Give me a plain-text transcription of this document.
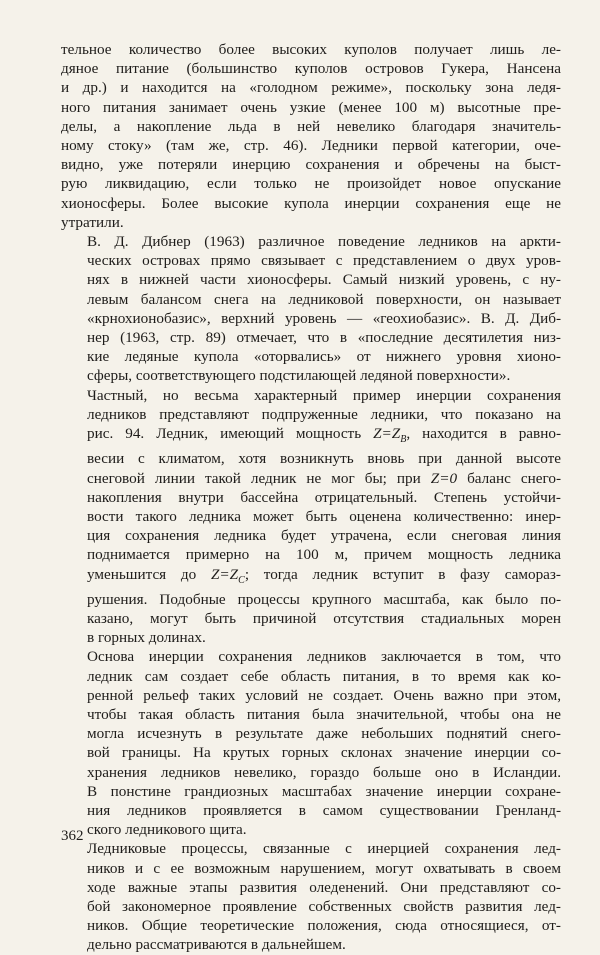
тельное количество более высоких куполов получает лишь ле-
дяное питание (большинство куполов островов Гукера, Нансена
и др.) и находится на «голодном режиме», поскольку зона ледя-
ного питания занимает очень узкие (менее 100 м) высотные пре-
делы, а накопление льда в ней невелико благодаря значитель-
ному стоку» (там же, стр. 46). Ледники первой категории, оче-
видно, уже потеряли инерцию сохранения и обречены на быст-
рую ликвидацию, если только не произойдет новое опускание
хионосферы. Более высокие купола инерции сохранения еще не
утратили.

В. Д. Дибнер (1963) различное поведение ледников на аркти-
ческих островах прямо связывает с представлением о двух уров-
нях в нижней части хионосферы. Самый низкий уровень, с ну-
левым балансом снега на ледниковой поверхности, он называет
«крнохионобазис», верхний уровень — «геохиобазис». В. Д. Диб-
нер (1963, стр. 89) отмечает, что в «последние десятилетия низ-
кие ледяные купола «оторвались» от нижнего уровня хионо-
сферы, соответствующего подстилающей ледяной поверхности».

Частный, но весьма характерный пример инерции сохранения
ледников представляют подпруженные ледники, что показано на
рис. 94. Ледник, имеющий мощность $Z=Z_B$, находится в равно-
весии с климатом, хотя возникнуть вновь при данной высоте
снеговой линии такой ледник не мог бы; при Z=0 баланс снего-
накопления внутри бассейна отрицательный. Степень устойчи-
вости такого ледника может быть оценена количественно: инер-
ция сохранения ледника будет утрачена, если снеговая линия
поднимается примерно на 100 м, причем мощность ледника
уменьшится до $Z=Z_C$; тогда ледник вступит в фазу самораз-
рушения. Подобные процессы крупного масштаба, как было по-
казано, могут быть причиной отсутствия стадиальных морен
в горных долинах.

Основа инерции сохранения ледников заключается в том, что
ледник сам создает себе область питания, в то время как ко-
ренной рельеф таких условий не создает. Очень важно при этом,
чтобы такая область питания была значительной, чтобы она не
могла исчезнуть в результате даже небольших поднятий снего-
вой границы. На крутых горных склонах значение инерции со-
хранения ледников невелико, гораздо больше оно в Исландии.
В понстине грандиозных масштабах значение инерции сохране-
ния ледников проявляется в самом существовании Гренланд-
ского ледникового щита.

Ледниковые процессы, связанные с инерцией сохранения лед-
ников и с ее возможным нарушением, могут охватывать в своем
ходе важные этапы развития оледенений. Они представляют со-
бой закономерное проявление собственных свойств развития лед-
ников. Общие теоретические положения, сюда относящиеся, от-
дельно рассматриваются в дальнейшем.

362
